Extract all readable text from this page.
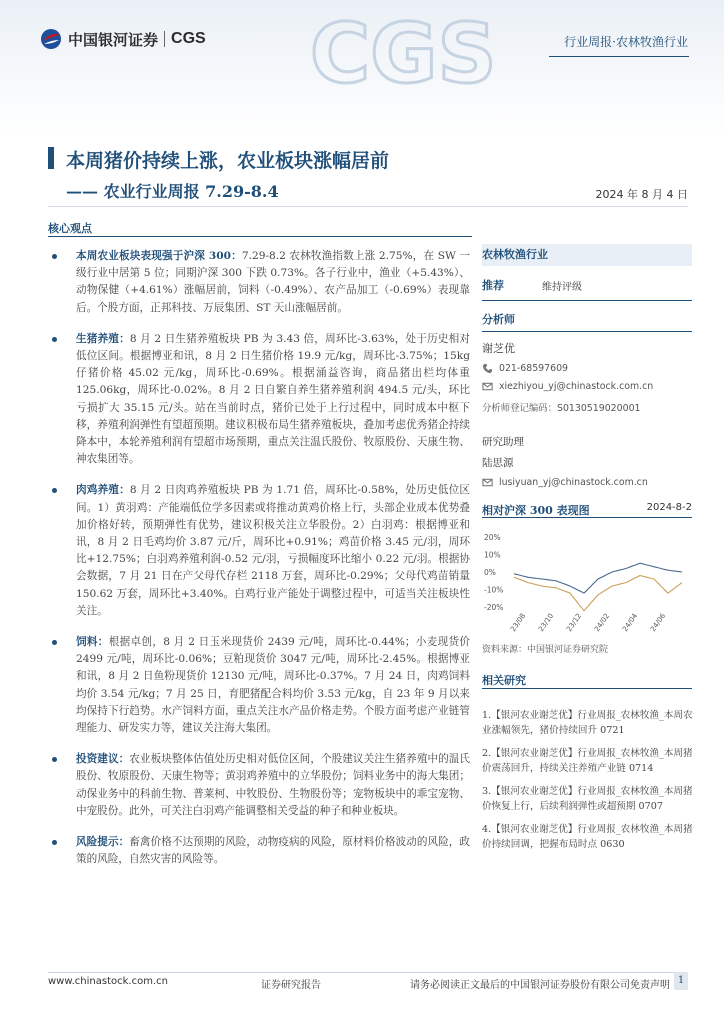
CGS
中国银河证券 CGS	行业周报·农林牧渔行业
本周猪价持续上涨，农业板块涨幅居前
—— 农业行业周报 7.29-8.4	2024 年 8 月 4 日
核心观点
本周农业板块表现强于沪深 300：7.29-8.2 农林牧渔指数上涨 2.75%，在 SW 一级行业中居第 5 位；同期沪深 300 下跌 0.73%。各子行业中，渔业（+5.43%）、动物保健（+4.61%）涨幅居前，饲料（-0.49%）、农产品加工（-0.69%）表现靠后。个股方面，正邦科技、万辰集团、ST 天山涨幅居前。
生猪养殖：8 月 2 日生猪养殖板块 PB 为 3.43 倍，周环比-3.63%，处于历史相对低位区间。根据博亚和讯，8 月 2 日生猪价格 19.9 元/kg，周环比-3.75%；15kg 仔猪价格 45.02 元/kg，周环比-0.69%。根据涌益咨询，商品猪出栏均体重 125.06kg，周环比-0.02%。8 月 2 日自繁自养生猪养殖利润 494.5 元/头，环比亏损扩大 35.15 元/头。站在当前时点，猪价已处于上行过程中，同时成本中枢下移，养殖利润弹性有望超预期。建议积极布局生猪养殖板块，叠加考虑优秀猪企持续降本中，本轮养殖利润有望超市场预期，重点关注温氏股份、牧原股份、天康生物、神农集团等。
肉鸡养殖：8 月 2 日肉鸡养殖板块 PB 为 1.71 倍，周环比-0.58%，处历史低位区间。1）黄羽鸡：产能端低位学多因素或将推动黄鸡价格上行，头部企业成本优势叠加价格好转，预期弹性有优势，建议积极关注立华股份。2）白羽鸡：根据博亚和讯，8 月 2 日毛鸡均价 3.87 元/斤，周环比+0.91%；鸡苗价格 3.45 元/羽，周环比+12.75%；白羽鸡养殖利润-0.52 元/羽，亏损幅度环比缩小 0.22 元/羽。根据协会数据，7 月 21 日在产父母代存栏 2118 万套，周环比-0.29%；父母代鸡苗销量 150.62 万套，周环比+3.40%。白鸡行业产能处于调整过程中，可适当关注板块性关注。
饲料：根据卓创，8 月 2 日玉米现货价 2439 元/吨，周环比-0.44%；小麦现货价 2499 元/吨，周环比-0.06%；豆粕现货价 3047 元/吨，周环比-2.45%。根据博亚和讯，8 月 2 日鱼粉现货价 12130 元/吨，周环比-0.37%。7 月 24 日，肉鸡饲料均价 3.54 元/kg；7 月 25 日，育肥猪配合料均价 3.53 元/kg，自 23 年 9 月以来均保持下行趋势。水产饲料方面，重点关注水产品价格走势。个股方面考虑产业链管理能力、研发实力等，建议关注海大集团。
投资建议：农业板块整体估值处历史相对低位区间，个股建议关注生猪养殖中的温氏股份、牧原股份、天康生物等；黄羽鸡养殖中的立华股份；饲料业务中的海大集团；动保业务中的科前生物、普莱柯、中牧股份、生物股份等；宠物板块中的乖宝宠物、中宠股份。此外，可关注白羽鸡产能调整相关受益的种子和种业板块。
风险提示：畜禽价格不达预期的风险，动物疫病的风险，原材料价格波动的风险，政策的风险，自然灾害的风险等。
农林牧渔行业
推荐	维持评级
分析师
谢芝优
021-68597609
xiezhiyou_yj@chinastock.com.cn
分析师登记编码：S0130519020001
研究助理
陆思源
lusiyuan_yj@chinastock.com.cn
相对沪深 300 表现图	2024-8-2
20%
10%
0%
-10%
-20%
23/08 23/10 23/12 24/02 24/04 24/06
资料来源：中国银河证券研究院
相关研究
1.【银河农业谢芝优】行业周报_农林牧渔_本周农业涨幅领先，猪价持续回升 0721
2.【银河农业谢芝优】行业周报_农林牧渔_本周猪价震荡回升，持续关注养殖产业链 0714
3.【银河农业谢芝优】行业周报_农林牧渔_本周猪价恢复上行，后续利润弹性或超预期 0707
4.【银河农业谢芝优】行业周报_农林牧渔_本周猪价持续回调，把握布局时点 0630
www.chinastock.com.cn	证券研究报告	请务必阅读正文最后的中国银河证券股份有限公司免责声明 1
